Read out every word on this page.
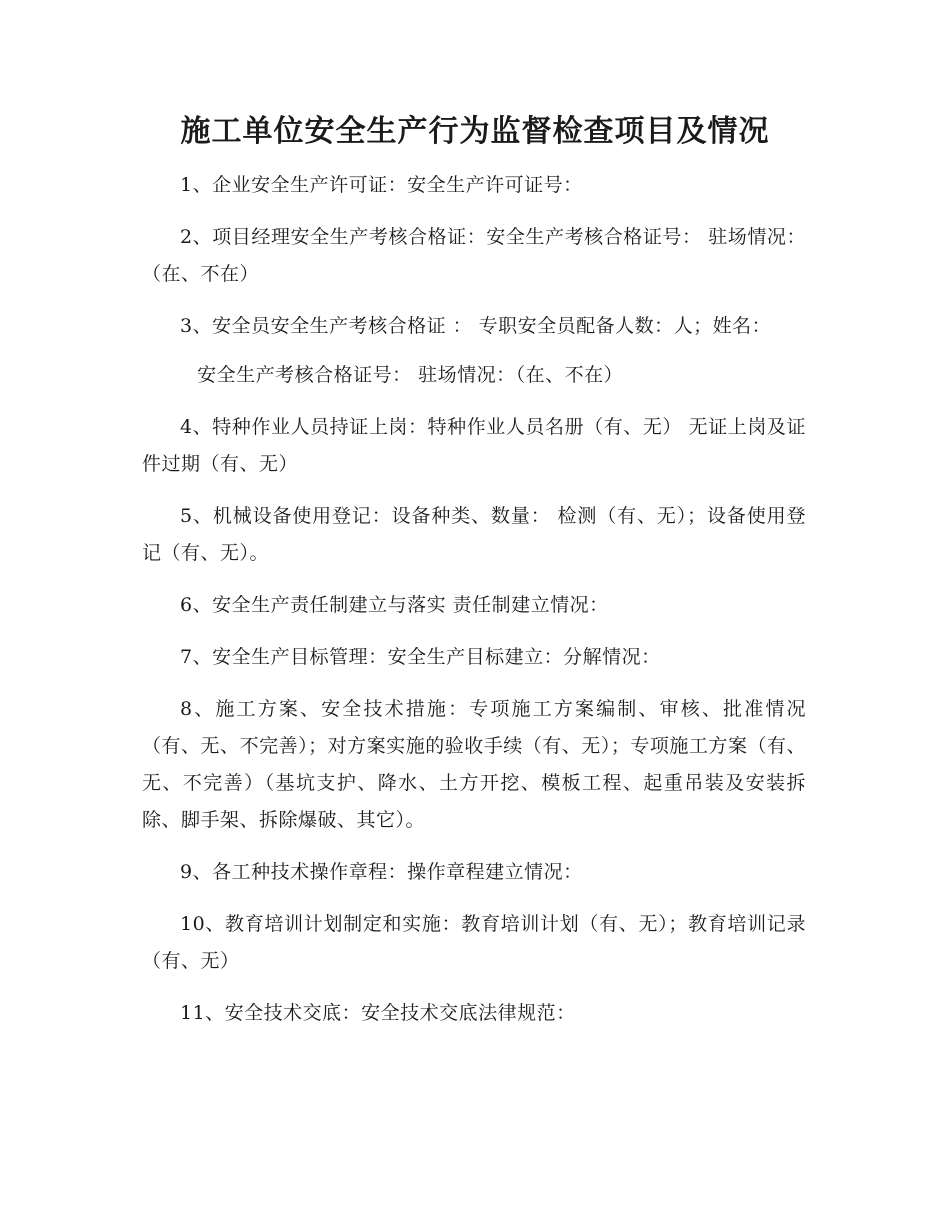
施工单位安全生产行为监督检查项目及情况

1、企业安全生产许可证：安全生产许可证号：

2、项目经理安全生产考核合格证：安全生产考核合格证号： 驻场情况：（在、不在）

3、安全员安全生产考核合格证 ： 专职安全员配备人数：人；姓名：

安全生产考核合格证号： 驻场情况：（在、不在）

4、特种作业人员持证上岗：特种作业人员名册（有、无） 无证上岗及证件过期（有、无）

5、机械设备使用登记：设备种类、数量： 检测（有、无）；设备使用登记（有、无）。

6、安全生产责任制建立与落实 责任制建立情况：

7、安全生产目标管理：安全生产目标建立：分解情况：

8、施工方案、安全技术措施：专项施工方案编制、审核、批准情况（有、无、不完善）；对方案实施的验收手续（有、无）；专项施工方案（有、无、不完善）（基坑支护、降水、土方开挖、模板工程、起重吊装及安装拆除、脚手架、拆除爆破、其它）。

9、各工种技术操作章程：操作章程建立情况：

10、教育培训计划制定和实施：教育培训计划（有、无）；教育培训记录（有、无）

11、安全技术交底：安全技术交底法律规范：
